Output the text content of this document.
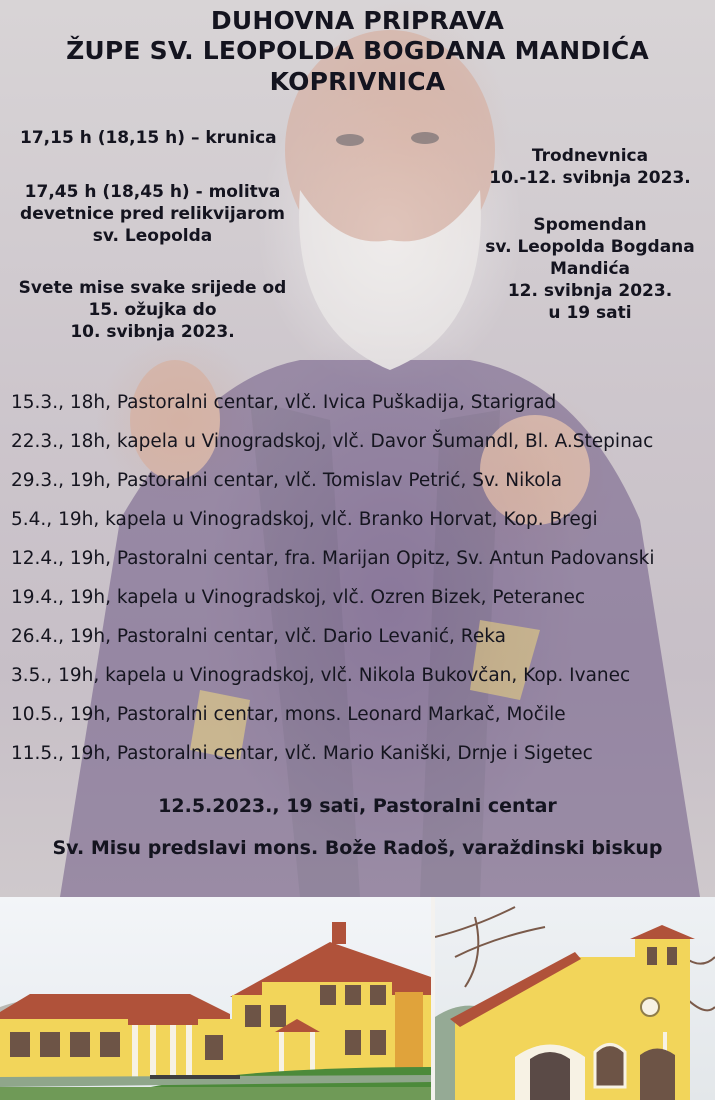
DUHOVNA PRIPRAVA
ŽUPE SV. LEOPOLDA BOGDANA MANDIĆA
KOPRIVNICA
17,15 h (18,15 h) – krunica
17,45 h (18,45 h) - molitva
devetnice pred relikvijarom
sv. Leopolda
Svete mise svake srijede od
15. ožujka do
10. svibnja 2023.
Trodnevnica
10.-12. svibnja 2023.
Spomendan
sv. Leopolda Bogdana
Mandića
12. svibnja 2023.
u 19 sati
15.3., 18h, Pastoralni centar, vlč. Ivica Puškadija, Starigrad
22.3., 18h, kapela u Vinogradskoj, vlč. Davor Šumandl, Bl. A.Stepinac
29.3., 19h, Pastoralni centar, vlč. Tomislav Petrić, Sv. Nikola
5.4., 19h, kapela u Vinogradskoj, vlč. Branko Horvat, Kop. Bregi
12.4., 19h, Pastoralni centar, fra. Marijan Opitz, Sv. Antun Padovanski
19.4., 19h, kapela u Vinogradskoj, vlč. Ozren Bizek, Peteranec
26.4., 19h, Pastoralni centar, vlč. Dario Levanić, Reka
3.5., 19h, kapela u Vinogradskoj, vlč. Nikola Bukovčan, Kop. Ivanec
10.5., 19h, Pastoralni centar, mons. Leonard Markač, Močile
11.5., 19h, Pastoralni centar, vlč. Mario Kaniški, Drnje i Sigetec
12.5.2023., 19 sati, Pastoralni centar
Sv. Misu predslavi mons. Bože Radoš, varaždinski biskup
